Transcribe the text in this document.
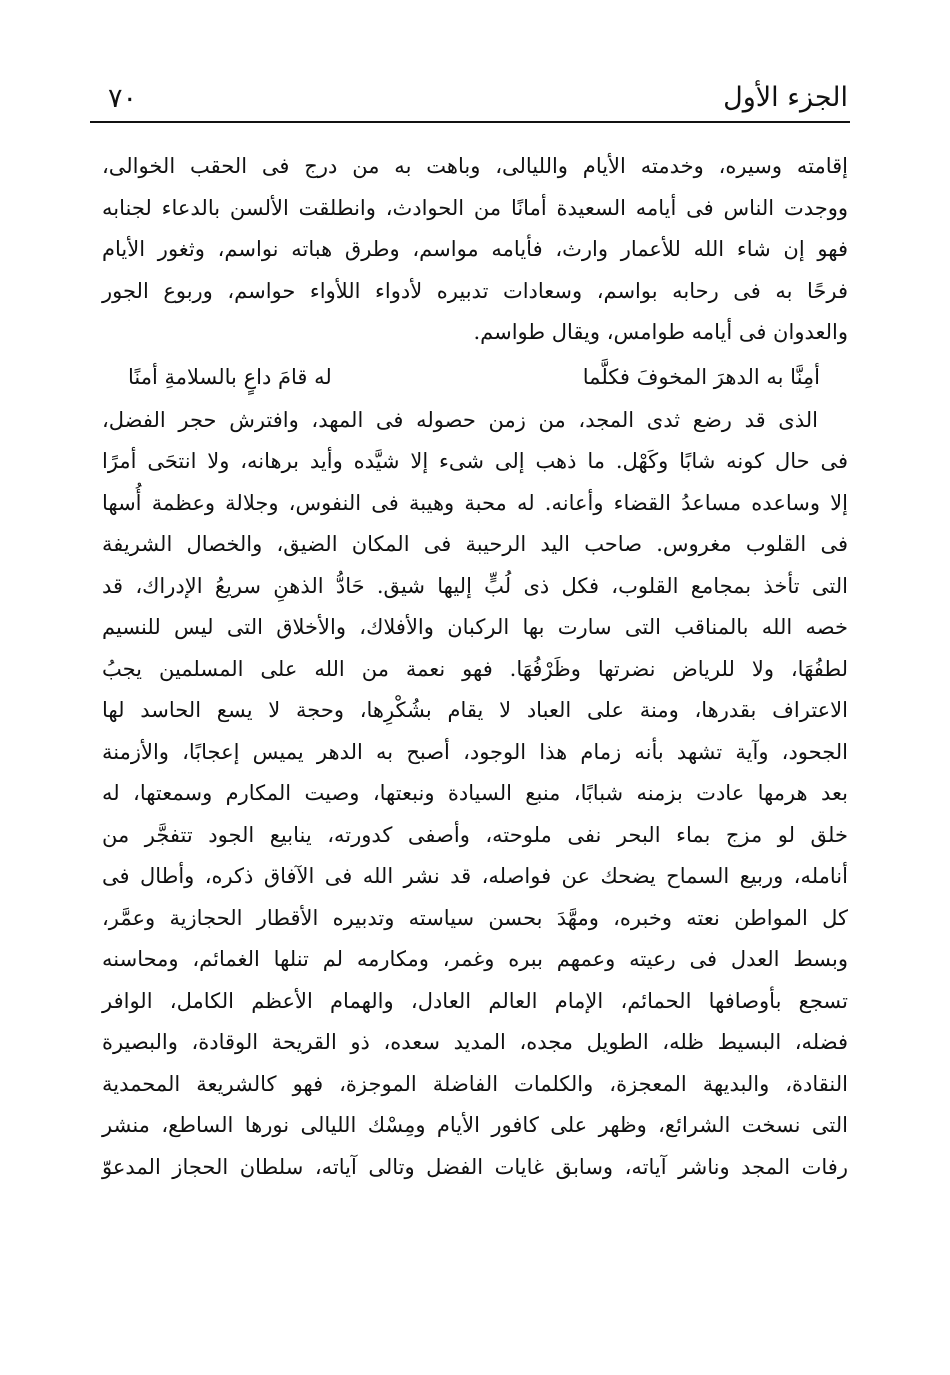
٧٠	الجزء الأول
إقامته وسيره، وخدمته الأيام والليالى، وباهت به من درج فى الحقب الخوالى،
ووجدت الناس فى أيامه السعيدة أمانًا من الحوادث، وانطلقت الألسن بالدعاء لجنابه
فهو إن شاء الله للأعمار وارث، فأيامه مواسم، وطرق هباته نواسم، وثغور الأيام
فرحًا به فى رحابه بواسم، وسعادات تدبيره لأدواء اللأواء حواسم، وربوع الجور
والعدوان فى أيامه طوامس، ويقال طواسم.
أمِنَّا به الدهرَ المخوفَ فكلَّما
له قامَ داعٍ بالسلامةِ أمنًا
الذى قد رضع ثدى المجد، من زمن حصوله فى المهد، وافترش حجر الفضل،
فى حال كونه شابًا وكَهْل. ما ذهب إلى شىء إلا شيَّده وأيد برهانه، ولا انتحَى أمرًا
إلا وساعده مساعدُ القضاء وأعانه. له محبة وهيبة فى النفوس، وجلالة وعظمة أُسها
فى القلوب مغروس. صاحب اليد الرحيبة فى المكان الضيق، والخصال الشريفة
التى تأخذ بمجامع القلوب، فكل ذى لُبٍّ إليها شيق. حَادُّ الذهنِ سريعُ الإدراك، قد
خصه الله بالمناقب التى سارت بها الركبان والأفلاك، والأخلاق التى ليس للنسيم
لطفُهَا، ولا للرياض نضرتها وظَرْفُهَا. فهو نعمة من الله على المسلمين يجبُ
الاعتراف بقدرها، ومنة على العباد لا يقام بشُكْرِها، وحجة لا يسع الحاسد لها
الجحود، وآية تشهد بأنه زمام هذا الوجود، أصبح به الدهر يميس إعجابًا، والأزمنة
بعد هرمها عادت بزمنه شبابًا، منبع السيادة ونبعتها، وصيت المكارم وسمعتها، له
خلق لو مزج بماء البحر نفى ملوحته، وأصفى كدورته، ينابيع الجود تتفجَّر من
أنامله، وربيع السماح يضحك عن فواصله، قد نشر الله فى الآفاق ذكره، وأطال فى
كل المواطن نعته وخبره، ومهَّدَ بحسن سياسته وتدبيره الأقطار الحجازية وعمَّر،
وبسط العدل فى رعيته وعمهم ببره وغمر، ومكارمه لم تنلها الغمائم، ومحاسنه
تسجع بأوصافها الحمائم، الإمام العالم العادل، والهمام الأعظم الكامل، الوافر
فضله، البسيط ظله، الطويل مجده، المديد سعده، ذو القريحة الوقادة، والبصيرة
النقادة، والبديهة المعجزة، والكلمات الفاضلة الموجزة، فهو كالشريعة المحمدية
التى نسخت الشرائع، وظهر على كافور الأيام ومِسْك الليالى نورها الساطع، منشر
رفات المجد وناشر آياته، وسابق غايات الفضل وتالى آياته، سلطان الحجاز المدعوّ
